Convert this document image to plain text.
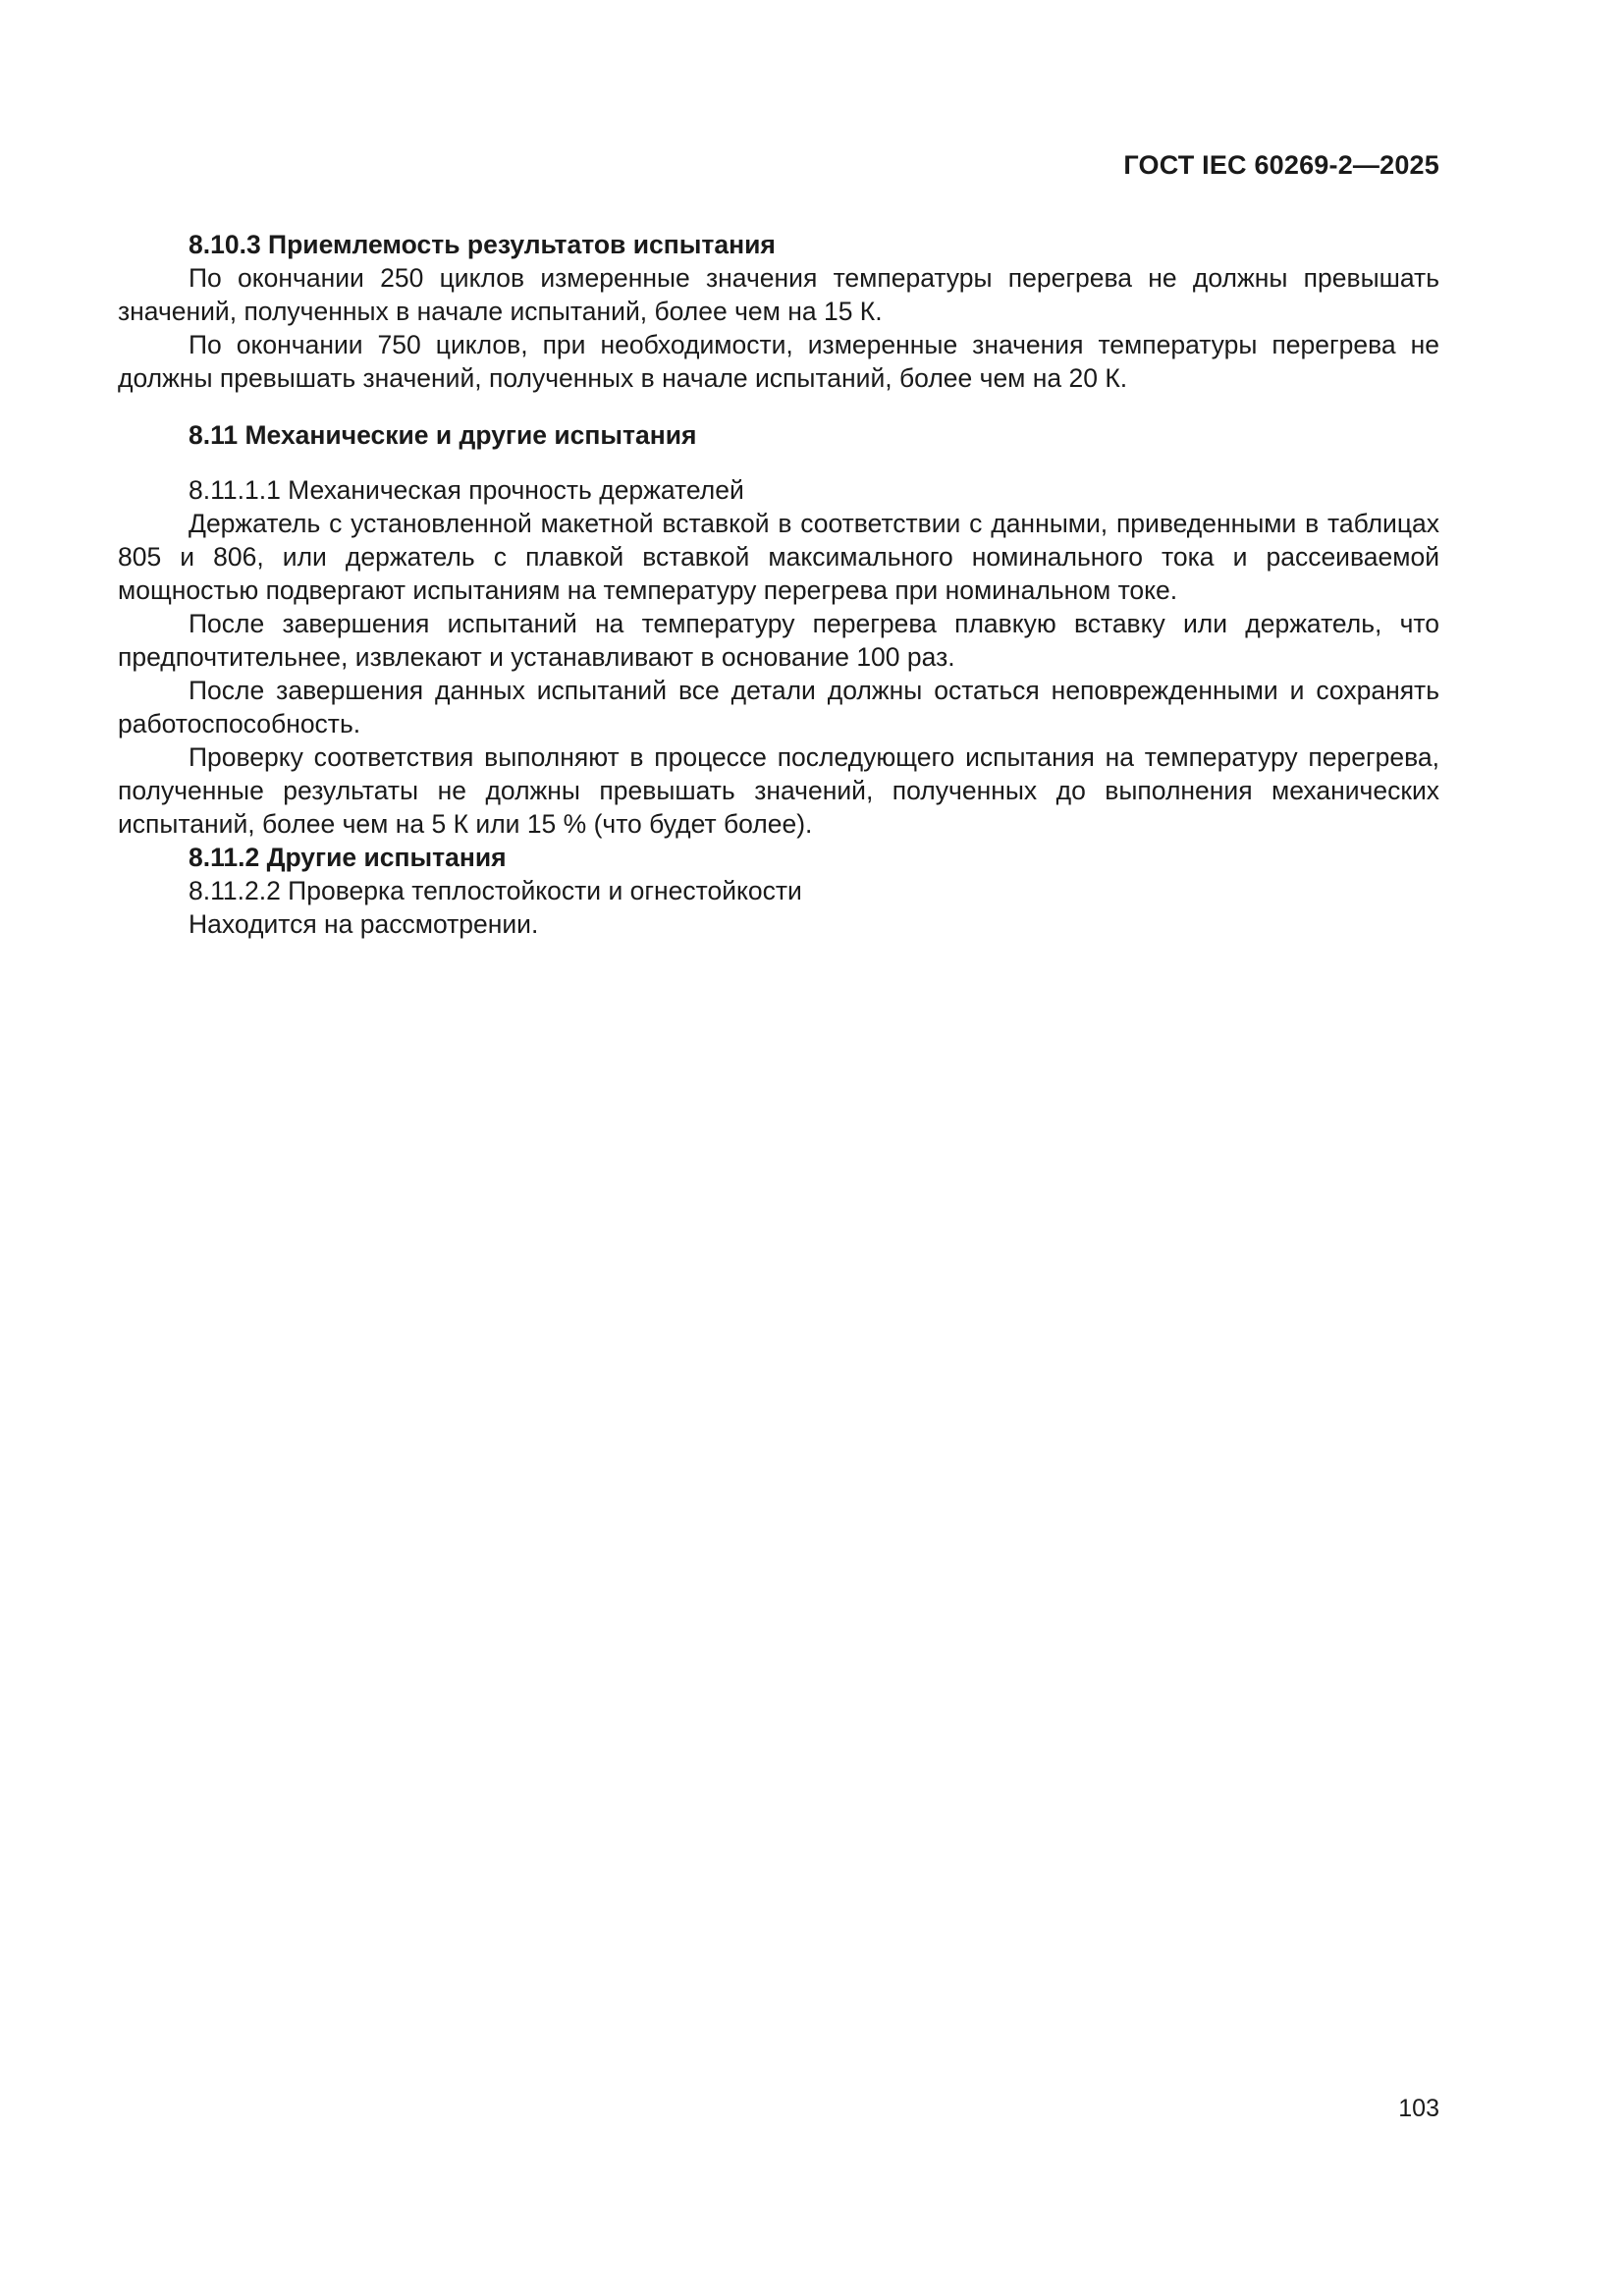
ГОСТ IEC 60269-2—2025

8.10.3 Приемлемость результатов испытания

По окончании 250 циклов измеренные значения температуры перегрева не должны превышать значений, полученных в начале испытаний, более чем на 15 К.

По окончании 750 циклов, при необходимости, измеренные значения температуры перегрева не должны превышать значений, полученных в начале испытаний, более чем на 20 К.

8.11 Механические и другие испытания

8.11.1.1 Механическая прочность держателей

Держатель с установленной макетной вставкой в соответствии с данными, приведенными в таблицах 805 и 806, или держатель с плавкой вставкой максимального номинального тока и рассеиваемой мощностью подвергают испытаниям на температуру перегрева при номинальном токе.

После завершения испытаний на температуру перегрева плавкую вставку или держатель, что предпочтительнее, извлекают и устанавливают в основание 100 раз.

После завершения данных испытаний все детали должны остаться неповрежденными и сохранять работоспособность.

Проверку соответствия выполняют в процессе последующего испытания на температуру перегрева, полученные результаты не должны превышать значений, полученных до выполнения механических испытаний, более чем на 5 К или 15 % (что будет более).

8.11.2 Другие испытания

8.11.2.2 Проверка теплостойкости и огнестойкости

Находится на рассмотрении.

103
